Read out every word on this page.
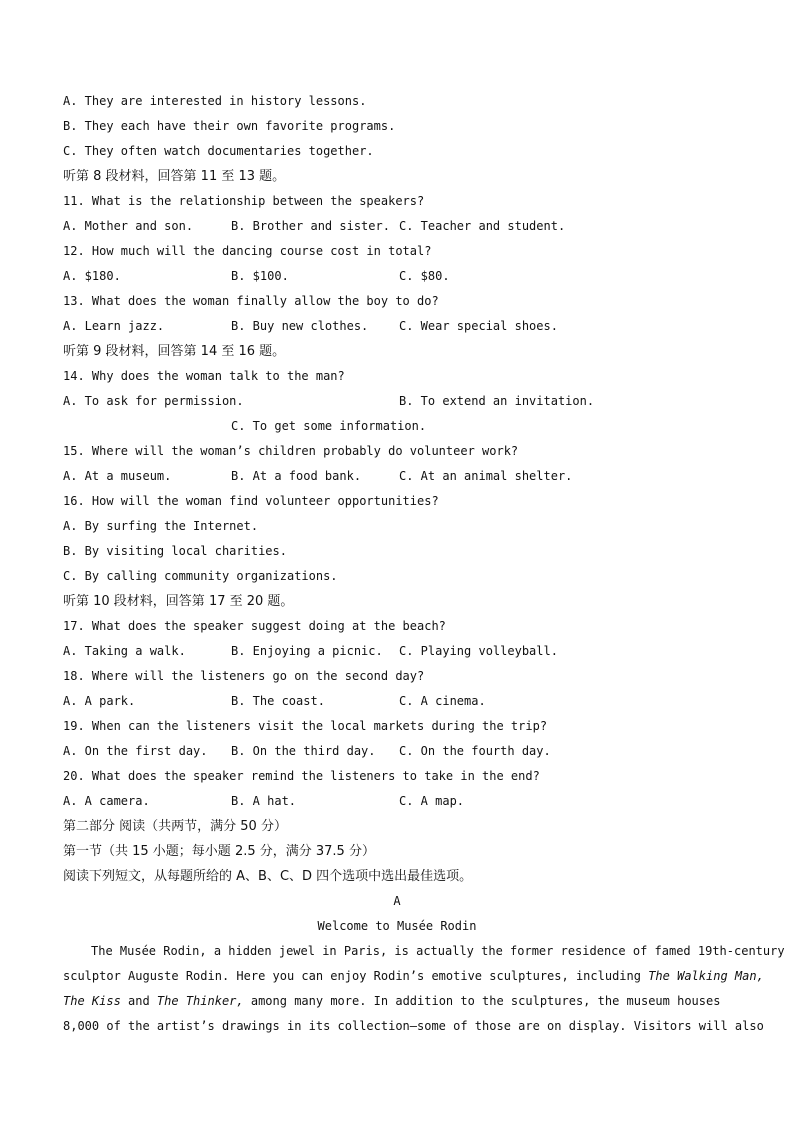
A. They are interested in history lessons.
B. They each have their own favorite programs.
C. They often watch documentaries together.
听第 8 段材料，回答第 11 至 13 题。
11. What is the relationship between the speakers?
A. Mother and son.	B. Brother and sister. C. Teacher and student.
12. How much will the dancing course cost in total?
A. $180.	B. $100.	C. $80.
13. What does the woman finally allow the boy to do?
A. Learn jazz.	B. Buy new clothes.	C. Wear special shoes.
听第 9 段材料，回答第 14 至 16 题。
14. Why does the woman talk to the man?
A. To ask for permission.	B. To extend an invitation.
C. To get some information.
15. Where will the woman’s children probably do volunteer work?
A. At a museum.	B. At a food bank.	C. At an animal shelter.
16. How will the woman find volunteer opportunities?
A. By surfing the Internet.
B. By visiting local charities.
C. By calling community organizations.
听第 10 段材料，回答第 17 至 20 题。
17. What does the speaker suggest doing at the beach?
A. Taking a walk.	B. Enjoying a picnic.	C. Playing volleyball.
18. Where will the listeners go on the second day?
A. A park.	B. The coast.	C. A cinema.
19. When can the listeners visit the local markets during the trip?
A. On the first day.	B. On the third day.	C. On the fourth day.
20. What does the speaker remind the listeners to take in the end?
A. A camera.	B. A hat.	C. A map.
第二部分 阅读（共两节，满分 50 分）
第一节（共 15 小题；每小题 2.5 分，满分 37.5 分）
阅读下列短文，从每题所给的 A、B、C、D 四个选项中选出最佳选项。
A
Welcome to Musée Rodin
The Musée Rodin, a hidden jewel in Paris, is actually the former residence of famed 19th-century
sculptor Auguste Rodin. Here you can enjoy Rodin’s emotive sculptures, including The Walking Man,
The Kiss and The Thinker, among many more. In addition to the sculptures, the museum houses
8,000 of the artist’s drawings in its collection—some of those are on display. Visitors will also
